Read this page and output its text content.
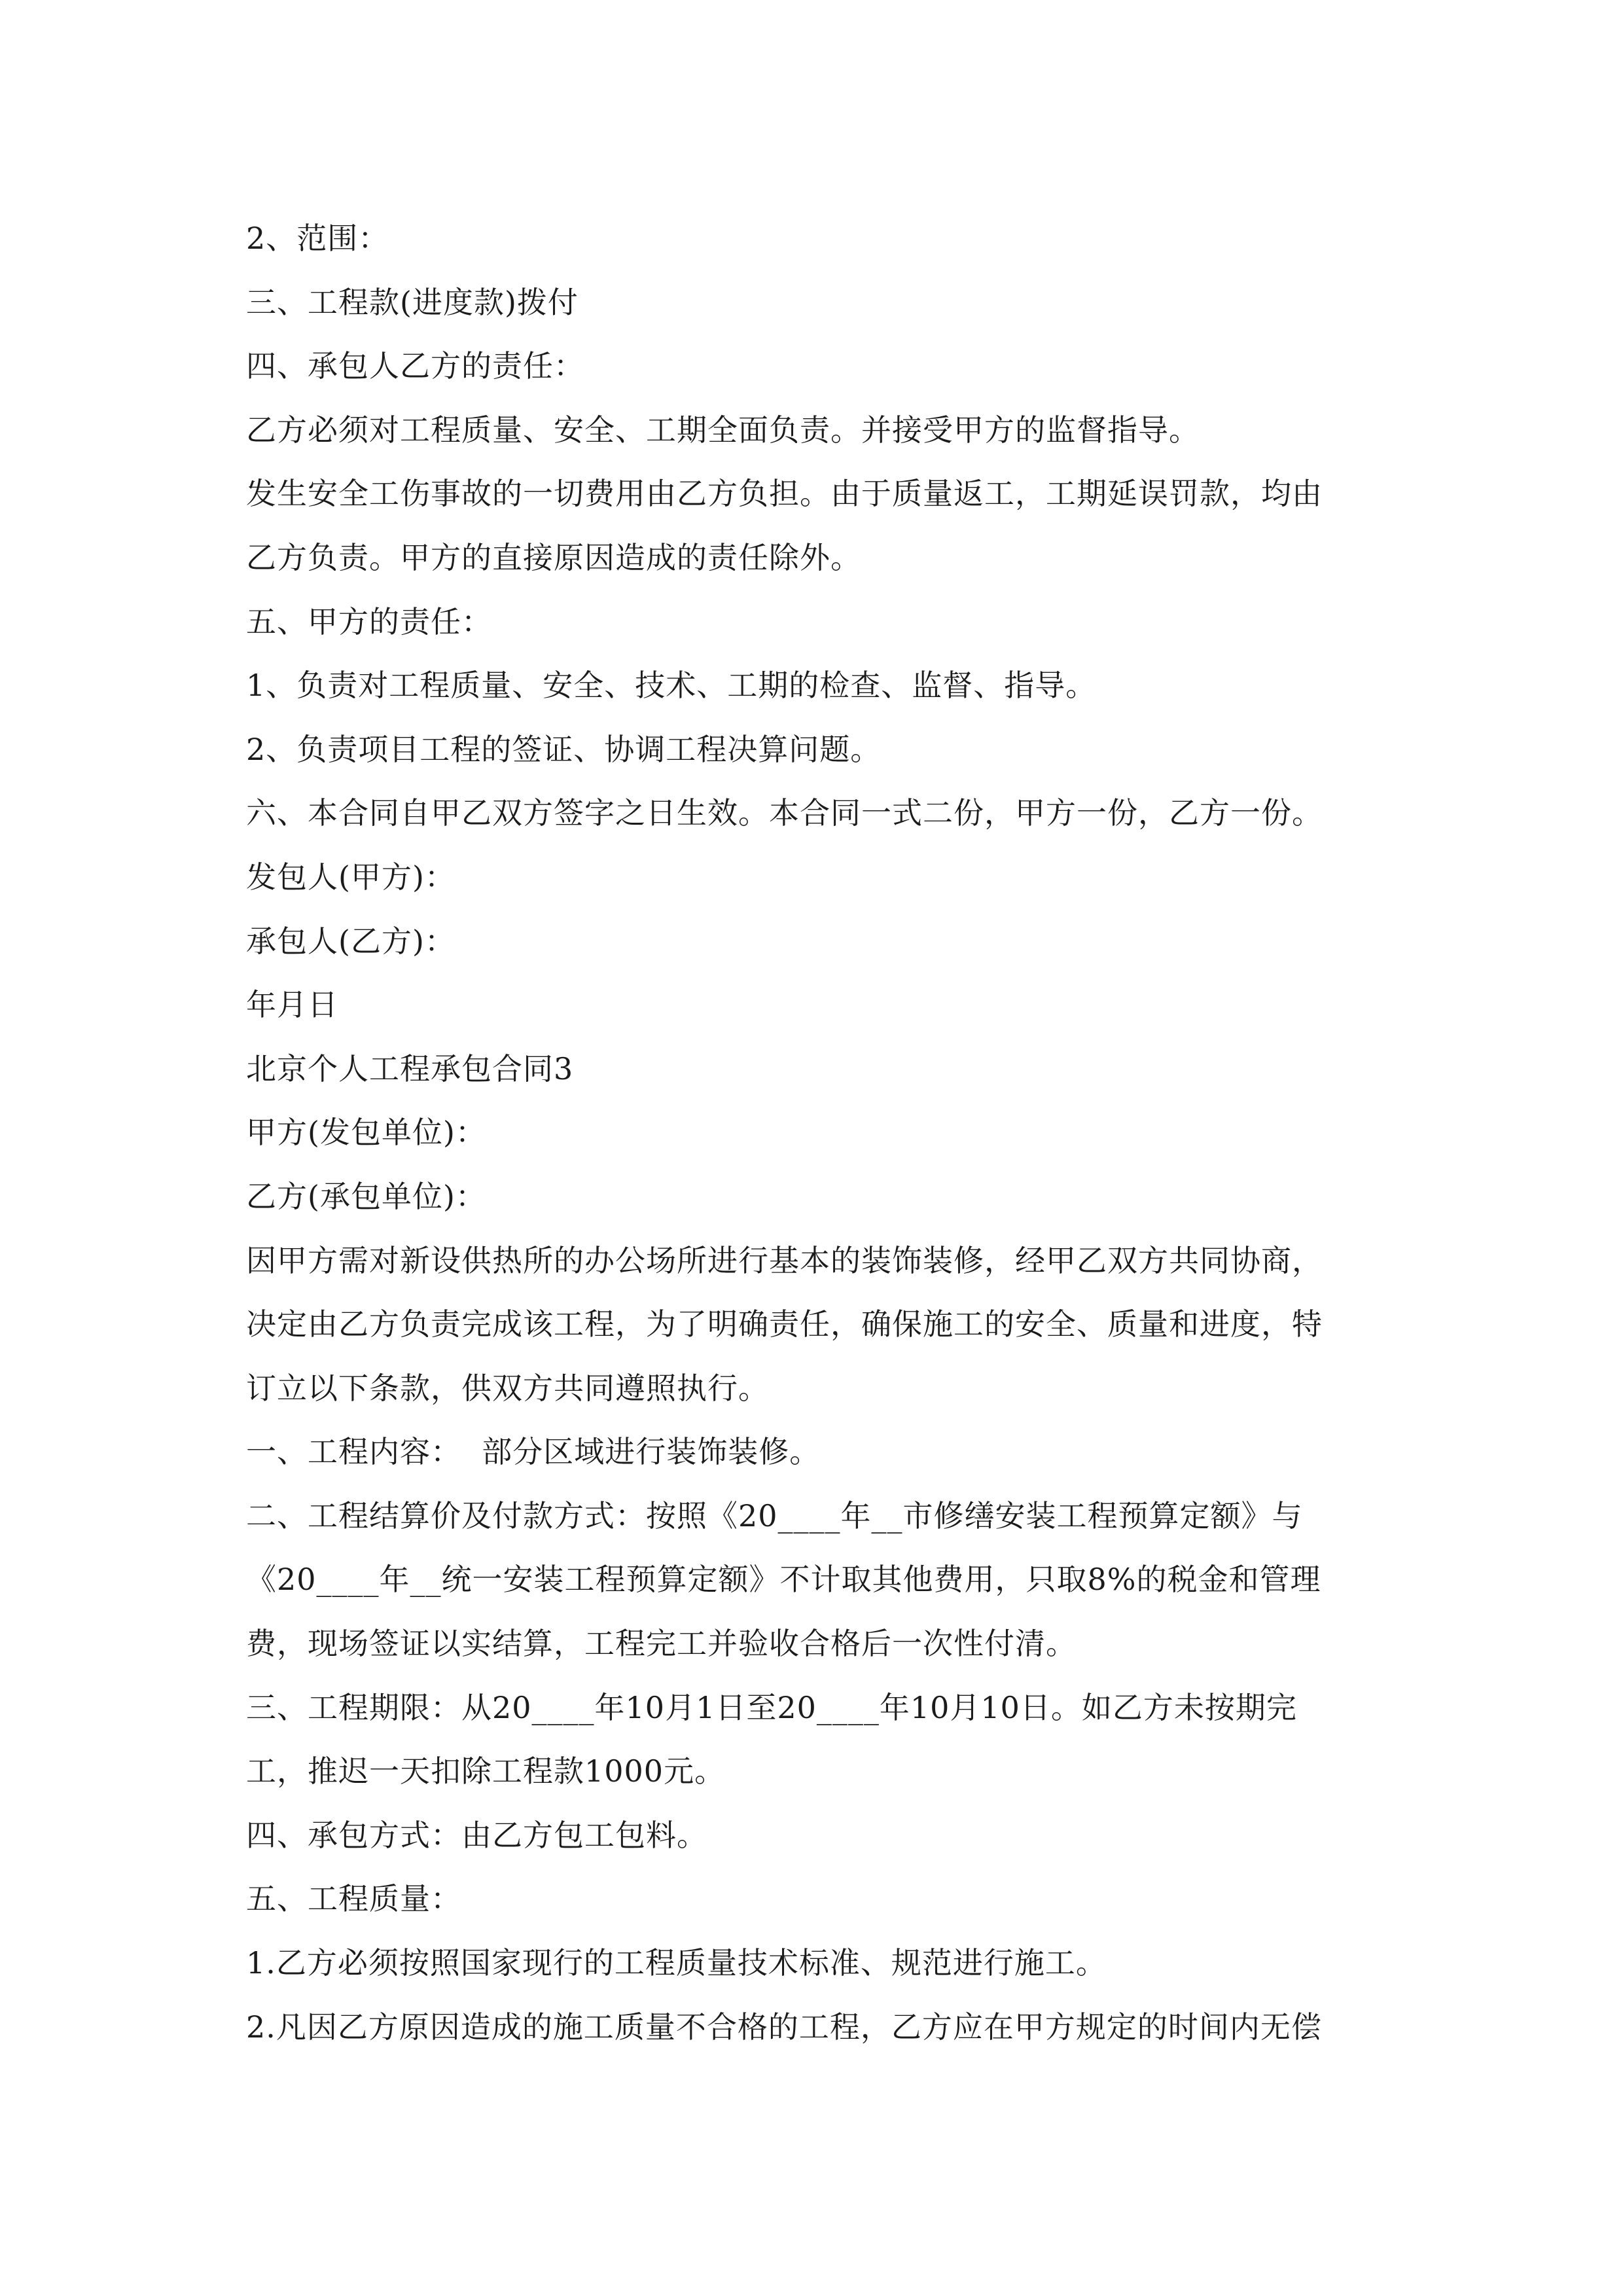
2、范围：
三、工程款(进度款)拨付
四、承包人乙方的责任：
乙方必须对工程质量、安全、工期全面负责。并接受甲方的监督指导。
发生安全工伤事故的一切费用由乙方负担。由于质量返工，工期延误罚款，均由
乙方负责。甲方的直接原因造成的责任除外。
五、甲方的责任：
1、负责对工程质量、安全、技术、工期的检查、监督、指导。
2、负责项目工程的签证、协调工程决算问题。
六、本合同自甲乙双方签字之日生效。本合同一式二份，甲方一份，乙方一份。
发包人(甲方)：
承包人(乙方)：
年月日
北京个人工程承包合同3
甲方(发包单位)：
乙方(承包单位)：
因甲方需对新设供热所的办公场所进行基本的装饰装修，经甲乙双方共同协商，
决定由乙方负责完成该工程，为了明确责任，确保施工的安全、质量和进度，特
订立以下条款，供双方共同遵照执行。
一、工程内容：  部分区域进行装饰装修。
二、工程结算价及付款方式：按照《20____年__市修缮安装工程预算定额》与
《20____年__统一安装工程预算定额》不计取其他费用，只取8%的税金和管理
费，现场签证以实结算，工程完工并验收合格后一次性付清。
三、工程期限：从20____年10月1日至20____年10月10日。如乙方未按期完
工，推迟一天扣除工程款1000元。
四、承包方式：由乙方包工包料。
五、工程质量：
1.乙方必须按照国家现行的工程质量技术标准、规范进行施工。
2.凡因乙方原因造成的施工质量不合格的工程，乙方应在甲方规定的时间内无偿
